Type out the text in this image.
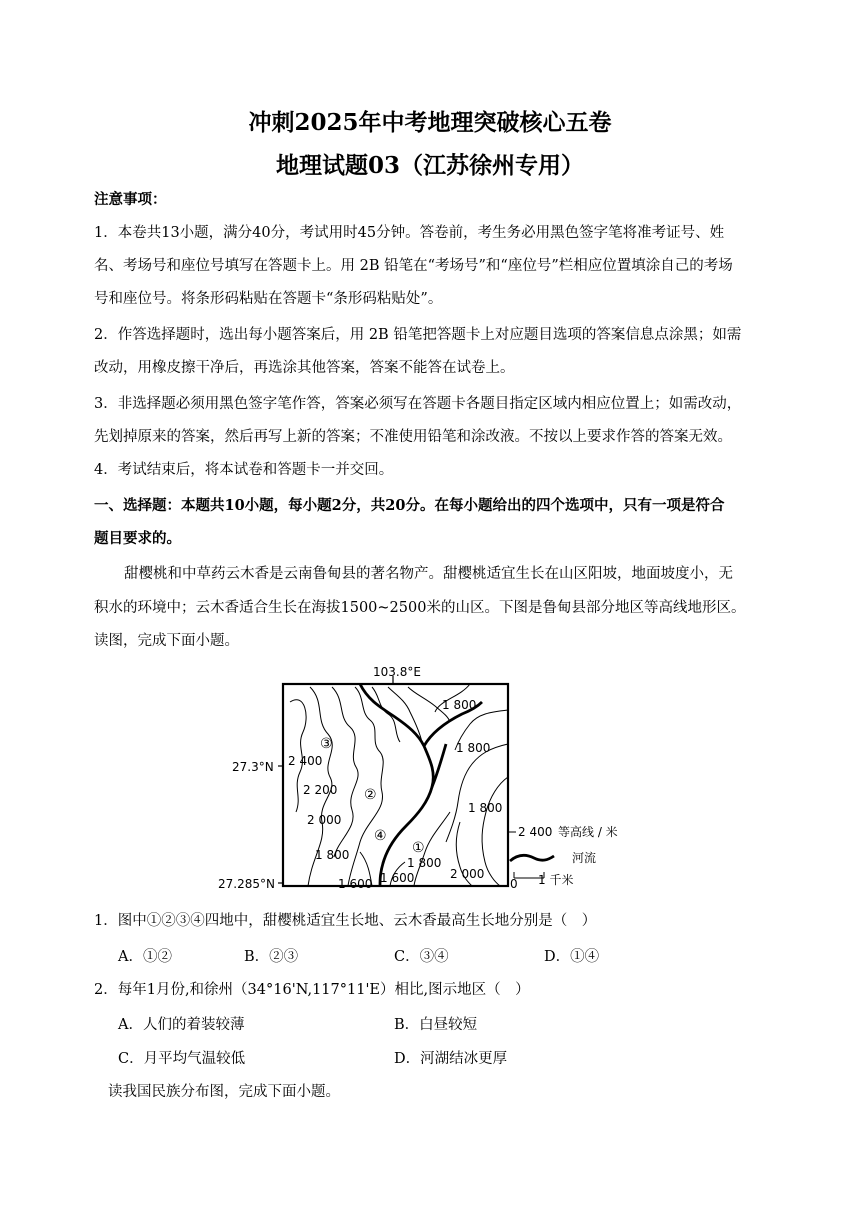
冲刺2025年中考地理突破核心五卷
地理试题03（江苏徐州专用）
注意事项：
1．本卷共13小题，满分40分，考试用时45分钟。答卷前，考生务必用黑色签字笔将准考证号、姓
名、考场号和座位号填写在答题卡上。用 2B 铅笔在“考场号”和“座位号”栏相应位置填涂自己的考场
号和座位号。将条形码粘贴在答题卡“条形码粘贴处”。
2．作答选择题时，选出每小题答案后，用 2B 铅笔把答题卡上对应题目选项的答案信息点涂黑；如需
改动，用橡皮擦干净后，再选涂其他答案，答案不能答在试卷上。
3．非选择题必须用黑色签字笔作答，答案必须写在答题卡各题目指定区域内相应位置上；如需改动，
先划掉原来的答案，然后再写上新的答案；不准使用铅笔和涂改液。不按以上要求作答的答案无效。
4．考试结束后，将本试卷和答题卡一并交回。
一、选择题：本题共10小题，每小题2分，共20分。在每小题给出的四个选项中，只有一项是符合
题目要求的。
甜樱桃和中草药云木香是云南鲁甸县的著名物产。甜樱桃适宜生长在山区阳坡，地面坡度小，无
积水的环境中；云木香适合生长在海拔1500~2500米的山区。下图是鲁甸县部分地区等高线地形区。
读图，完成下面小题。
103.8°E
27.3°N
27.285°N
1 800
1 800
2 400
2 200
1 800
2 000
1 800
1 800
1 600 1 600	2 000
③
②
④
①
2 400 等高线 / 米
河流
0 1 千米
1．图中①②③④四地中，甜樱桃适宜生长地、云木香最高生长地分别是（　）
A．①②	B．②③	C．③④	D．①④
2．每年1月份,和徐州（34°16'N,117°11'E）相比,图示地区（　）
A．人们的着装较薄	B．白昼较短
C．月平均气温较低	D．河湖结冰更厚
读我国民族分布图，完成下面小题。
